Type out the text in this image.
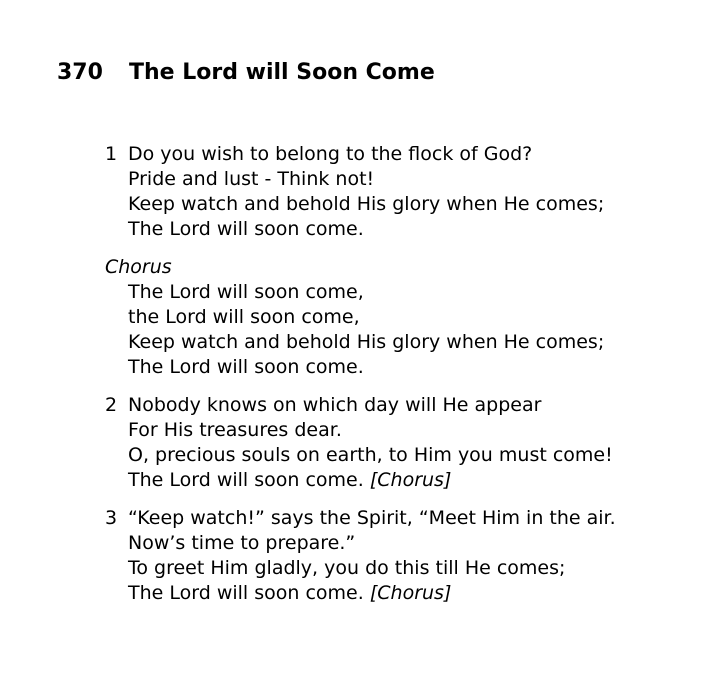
370 The Lord will Soon Come
1 Do you wish to belong to the flock of God?
Pride and lust - Think not!
Keep watch and behold His glory when He comes;
The Lord will soon come.
Chorus
The Lord will soon come,
the Lord will soon come,
Keep watch and behold His glory when He comes;
The Lord will soon come.
2 Nobody knows on which day will He appear
For His treasures dear.
O, precious souls on earth, to Him you must come!
The Lord will soon come. [Chorus]
3 “Keep watch!” says the Spirit, “Meet Him in the air.
Now’s time to prepare.”
To greet Him gladly, you do this till He comes;
The Lord will soon come. [Chorus]
